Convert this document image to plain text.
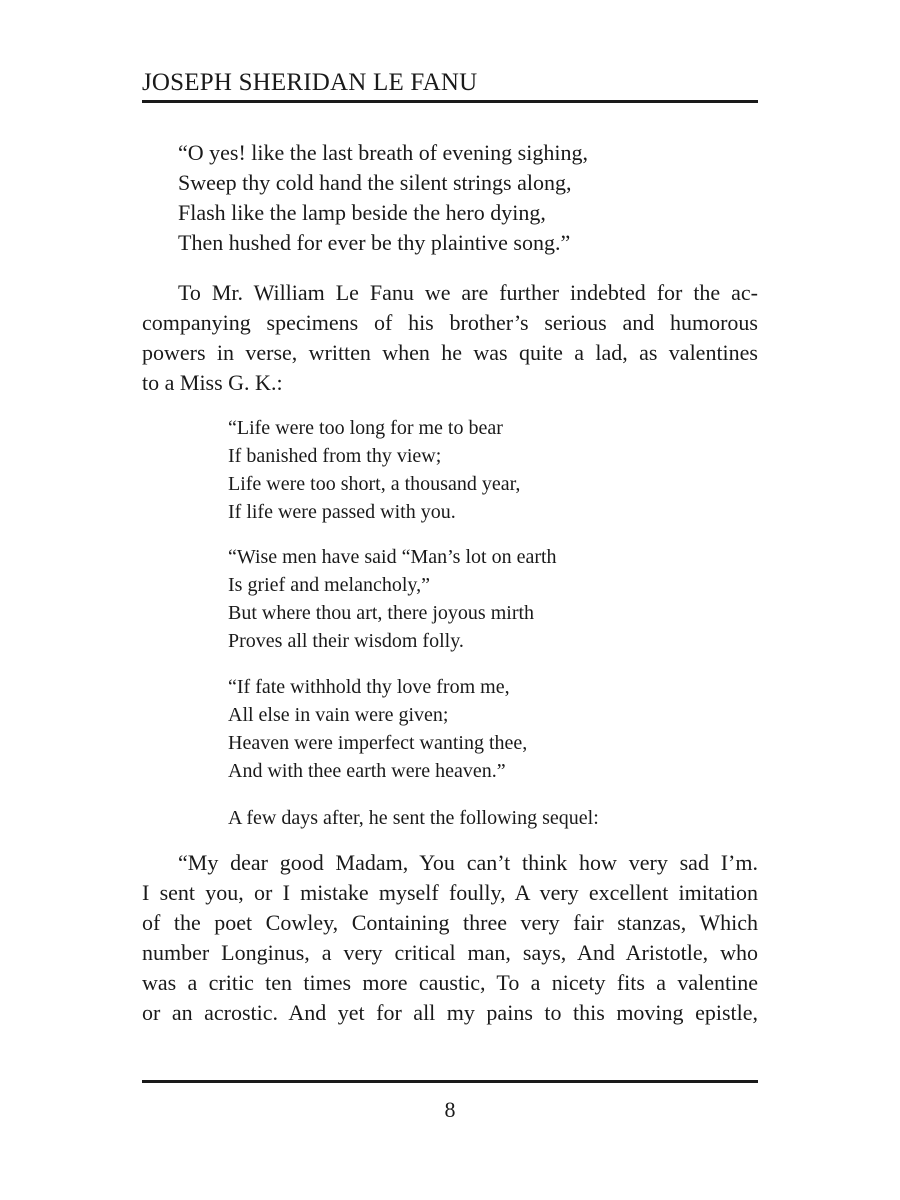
JOSEPH SHERIDAN LE FANU
“O yes! like the last breath of evening sighing,
Sweep thy cold hand the silent strings along,
Flash like the lamp beside the hero dying,
Then hushed for ever be thy plaintive song.”
To Mr. William Le Fanu we are further indebted for the ac-
companying specimens of his brother’s serious and humorous
powers in verse, written when he was quite a lad, as valentines
to a Miss G. K.:
“Life were too long for me to bear
If banished from thy view;
Life were too short, a thousand year,
If life were passed with you.
“Wise men have said “Man’s lot on earth
Is grief and melancholy,”
But where thou art, there joyous mirth
Proves all their wisdom folly.
“If fate withhold thy love from me,
All else in vain were given;
Heaven were imperfect wanting thee,
And with thee earth were heaven.”
A few days after, he sent the following sequel:
“My dear good Madam, You can’t think how very sad I’m.
I sent you, or I mistake myself foully, A very excellent imitation
of the poet Cowley, Containing three very fair stanzas, Which
number Longinus, a very critical man, says, And Aristotle, who
was a critic ten times more caustic, To a nicety fits a valentine
or an acrostic. And yet for all my pains to this moving epistle,
8
